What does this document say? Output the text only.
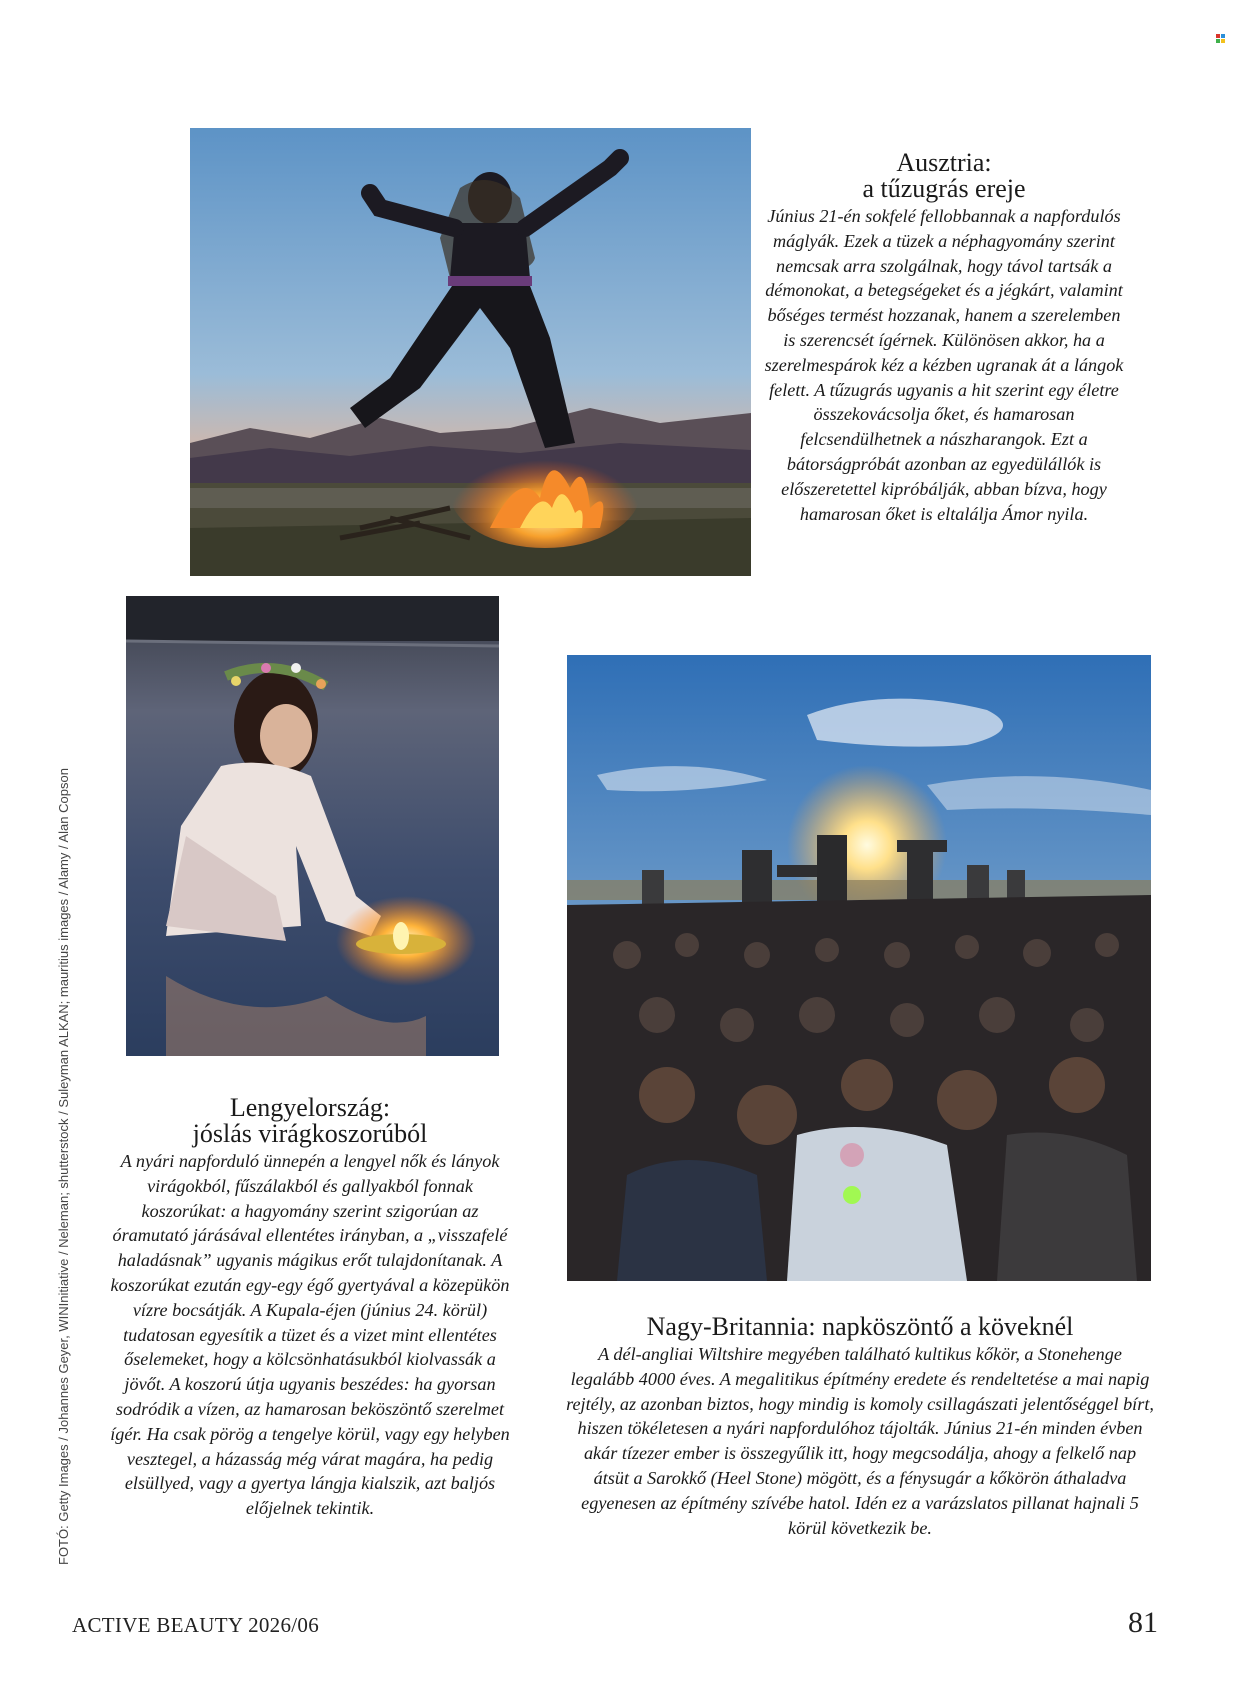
Ausztria:

a tűzugrás ereje

Június 21-én sokfelé fellobbannak a napfordulós máglyák. Ezek a tüzek a néphagyomány szerint nemcsak arra szolgálnak, hogy távol tartsák a démonokat, a betegségeket és a jégkárt, valamint bőséges termést hozzanak, hanem a szerelemben is szerencsét ígérnek. Különösen akkor, ha a szerelmespárok kéz a kézben ugranak át a lángok felett. A tűzugrás ugyanis a hit szerint egy életre összekovácsolja őket, és hamarosan felcsendülhetnek a nászharangok. Ezt a bátorságpróbát azonban az egyedülállók is előszeretettel kipróbálják, abban bízva, hogy hamarosan őket is eltalálja Ámor nyila.

Lengyelország:

jóslás virágkoszorúból

A nyári napforduló ünnepén a lengyel nők és lányok virágokból, fűszálakból és gallyakból fonnak koszorúkat: a hagyomány szerint szigorúan az óramutató járásával ellentétes irányban, a „visszafelé haladásnak” ugyanis mágikus erőt tulajdonítanak. A koszorúkat ezután egy-egy égő gyertyával a közepükön vízre bocsátják. A Kupala-éjen (június 24. körül) tudatosan egyesítik a tüzet és a vizet mint ellentétes őselemeket, hogy a kölcsönhatásukból kiolvassák a jövőt. A koszorú útja ugyanis beszédes: ha gyorsan sodródik a vízen, az hamarosan beköszöntő szerelmet ígér. Ha csak pörög a tengelye körül, vagy egy helyben vesztegel, a házasság még várat magára, ha pedig elsüllyed, vagy a gyertya lángja kialszik, azt baljós előjelnek tekintik.

Nagy-Britannia: napköszöntő a köveknél

A dél-angliai Wiltshire megyében található kultikus kőkör, a Stonehenge legalább 4000 éves. A megalitikus építmény eredete és rendeltetése a mai napig rejtély, az azonban biztos, hogy mindig is komoly csillagászati jelentőséggel bírt, hiszen tökéletesen a nyári napfordulóhoz tájolták. Június 21-én minden évben akár tízezer ember is összegyűlik itt, hogy megcsodálja, ahogy a felkelő nap átsüt a Sarokkő (Heel Stone) mögött, és a fénysugár a kőkörön áthaladva egyenesen az építmény szívébe hatol. Idén ez a varázslatos pillanat hajnali 5 körül következik be.

FOTÓ: Getty Images / Johannes Geyer, WINInitiative / Neleman; shutterstock / Suleyman ALKAN; mauritius images / Alamy / Alan Copson
ACTIVE BEAUTY 2026/06	81
